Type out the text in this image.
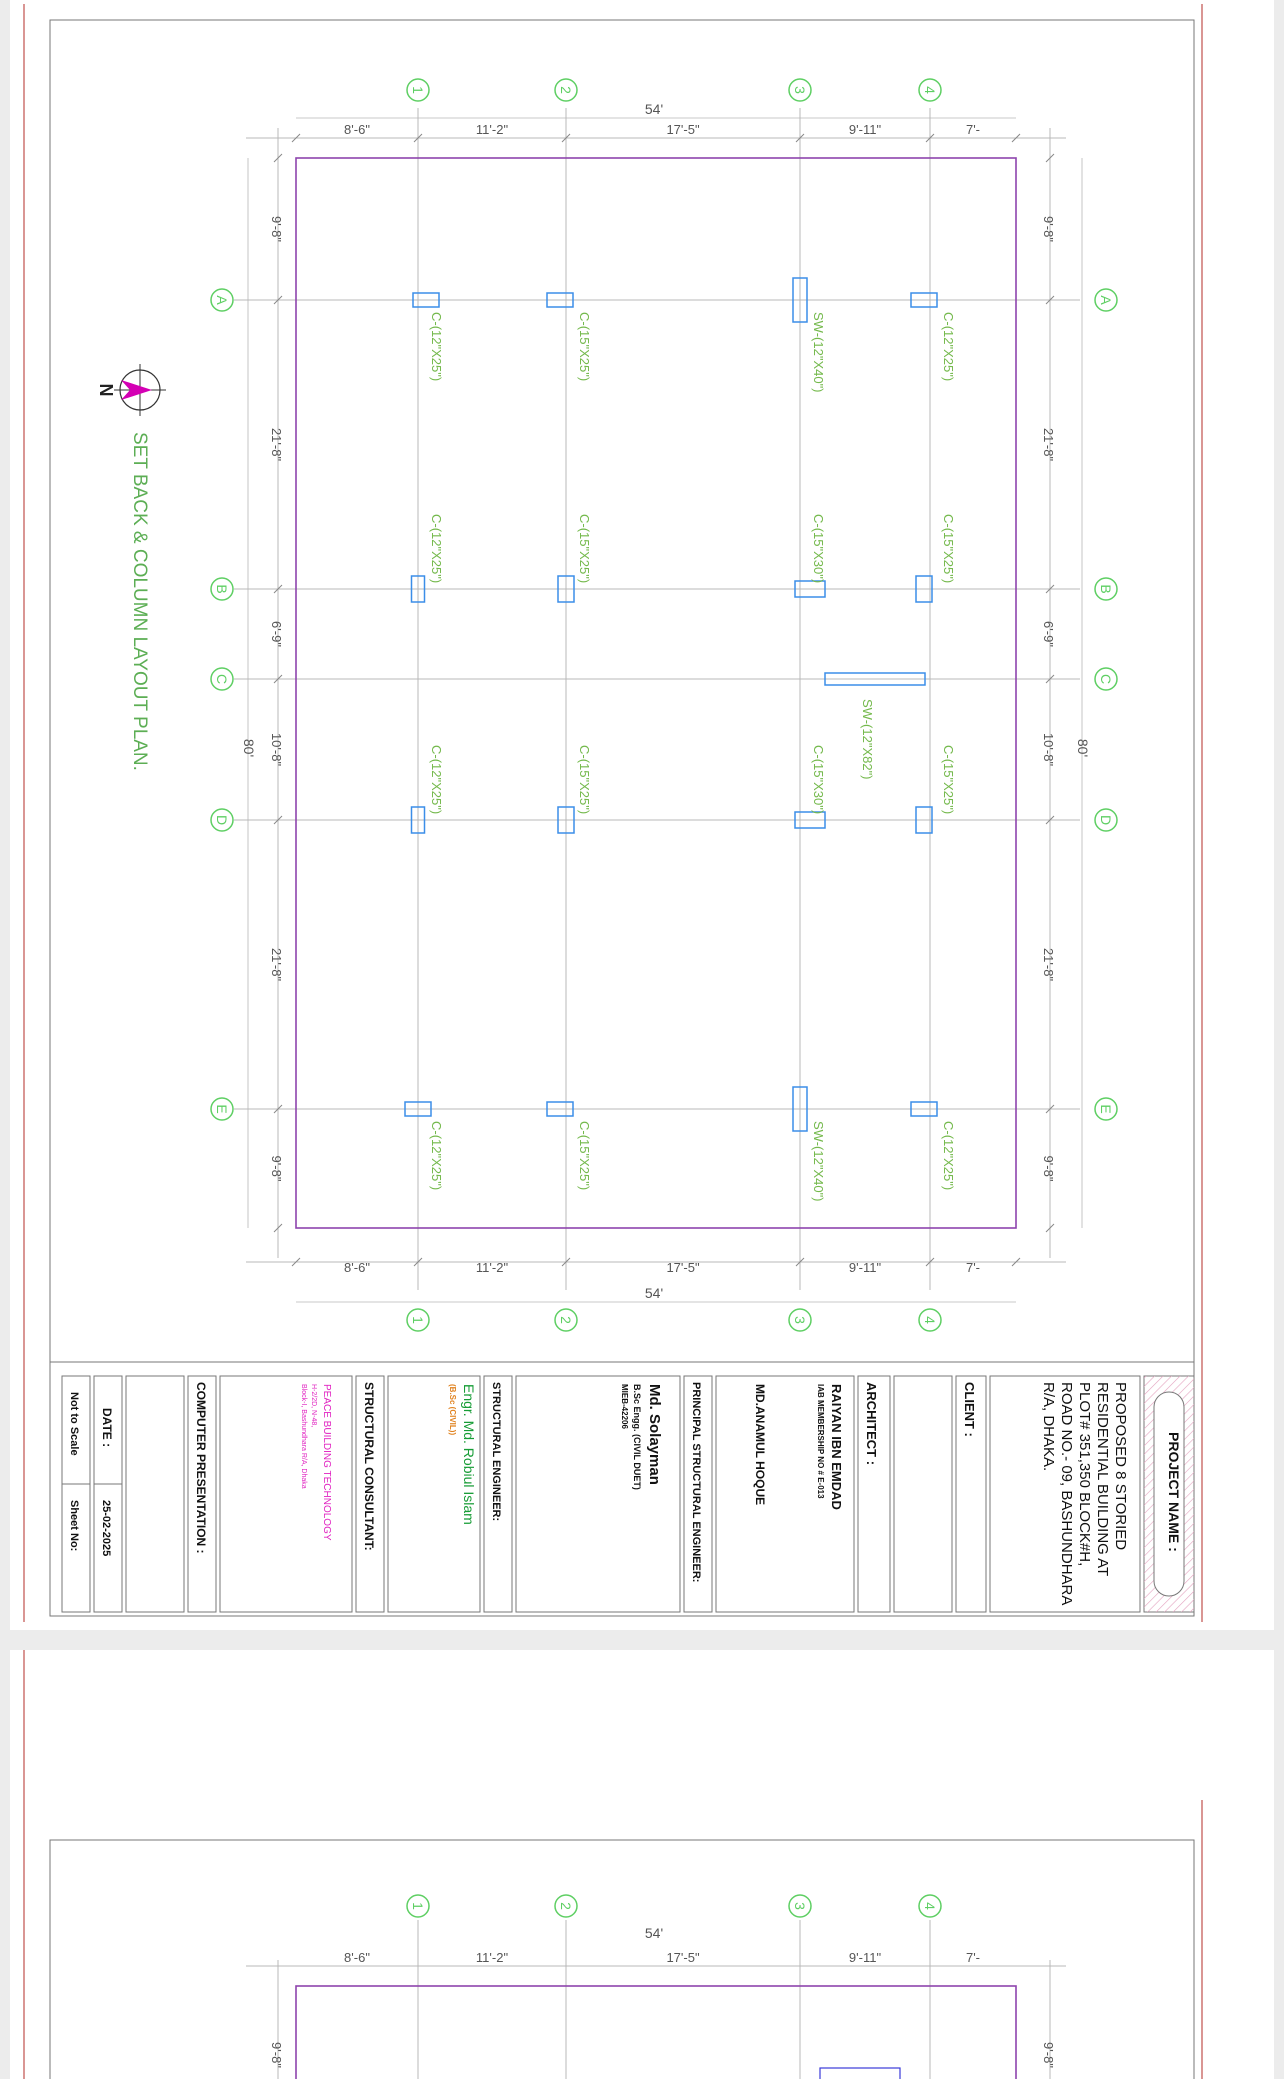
8'-6"	11'-2"	17'-5"	9'-11"	7'-
54'
8'-6"	11'-2"	17'-5"	9'-11"	7'-
54'
9'-8"
21'-8"
6'-9"
10'-8"
21'-8"
9'-8"
80'
9'-8"
21'-8"
6'-9"
10'-8"
21'-8"
9'-8"
80'
C-(12"X25")	C-(15"X25")	SW-(12"X40")	C-(12"X25")
C-(12"X25")	C-(15"X25")	C-(15"X30")	C-(15"X25")
SW-(12"X82")
C-(12"X25")	C-(15"X25")	C-(15"X30")	C-(15"X25")
C-(12"X25")	C-(15"X25")	SW-(12"X40")	C-(12"X25")
1
1
2
2
3
3
4
4
A	A
B	B
C	C
D	D
E	E
N
SET BACK & COLUMN LAYOUT PLAN.
PROJECT NAME :
PROPOSED 8 STORIED
RESIDENTIAL BUILDING AT
PLOT# 351,350 BLOCK#H,
ROAD NO.- 09, BASHUNDHARA
R/A, DHAKA.
CLIENT :
ARCHITECT :
RAIYAN IBN EMDAD
IAB MEMBERSHIP NO # E-013
MD.ANAMUL HOQUE
PRINCIPAL STRUCTURAL ENGINEER:
Md. Solayman
B.Sc Engg. (CIVIL DUET)
MIEB-42206
STRUCTURAL ENGINEER:
Engr. Md. Robiul Islam
(B.Sc (CIVIL))
STRUCTURAL CONSULTANT:
PEACE BUILDING TECHNOLOGY
H-2/2D, N-48,
Block-I, Bashundhara R/A, Dhaka
COMPUTER PRESENTATION :
DATE :
25-02-2025
Not to Scale
Sheet No:
8'-6"	11'-2"	17'-5"	9'-11"	7'-
54'
9'-8"	9'-8"
1	2	3	4
